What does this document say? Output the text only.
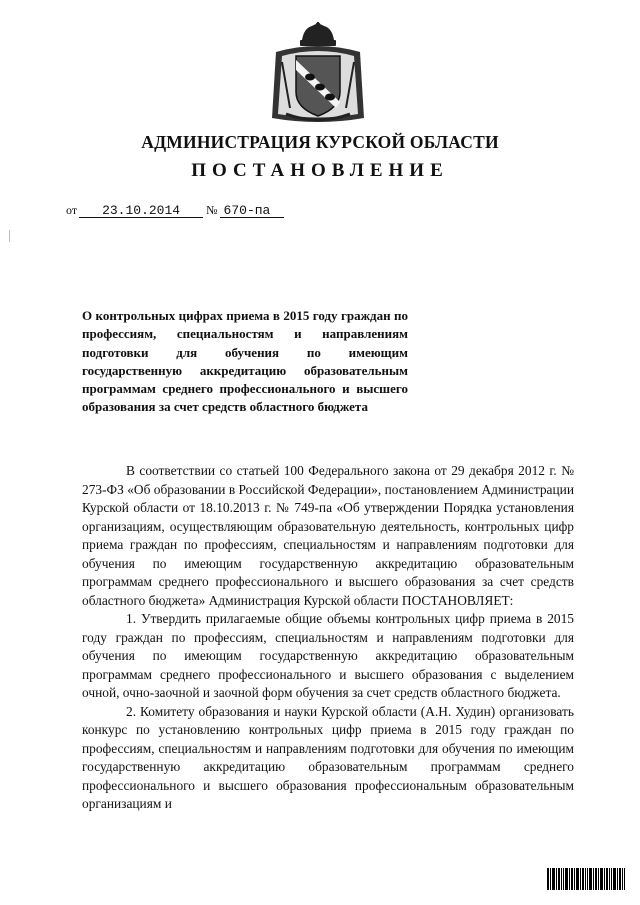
АДМИНИСТРАЦИЯ КУРСКОЙ ОБЛАСТИ
ПОСТАНОВЛЕНИЕ
от 23.10.2014 № 670-па
О контрольных цифрах приема в 2015 году граждан по профессиям, специальностям и направлениям подготовки для обучения по имеющим государственную аккредитацию образовательным программам среднего профессионального и высшего образования за счет средств областного бюджета

В соответствии со статьей 100 Федерального закона от 29 декабря 2012 г. № 273-ФЗ «Об образовании в Российской Федерации», постановлением Администрации Курской области от 18.10.2013 г. № 749-па «Об утверждении Порядка установления организациям, осуществляющим образовательную деятельность, контрольных цифр приема граждан по профессиям, специальностям и направлениям подготовки для обучения по имеющим государственную аккредитацию образовательным программам среднего профессионального и высшего образования за счет средств областного бюджета» Администрация Курской области ПОСТАНОВЛЯЕТ:

1. Утвердить прилагаемые общие объемы контрольных цифр приема в 2015 году граждан по профессиям, специальностям и направлениям подготовки для обучения по имеющим государственную аккредитацию образовательным программам среднего профессионального и высшего образования с выделением очной, очно-заочной и заочной форм обучения за счет средств областного бюджета.

2. Комитету образования и науки Курской области (А.Н. Худин) организовать конкурс по установлению контрольных цифр приема в 2015 году граждан по профессиям, специальностям и направлениям подготовки для обучения по имеющим государственную аккредитацию образовательным программам среднего профессионального и высшего образования профессиональным образовательным организациям и
